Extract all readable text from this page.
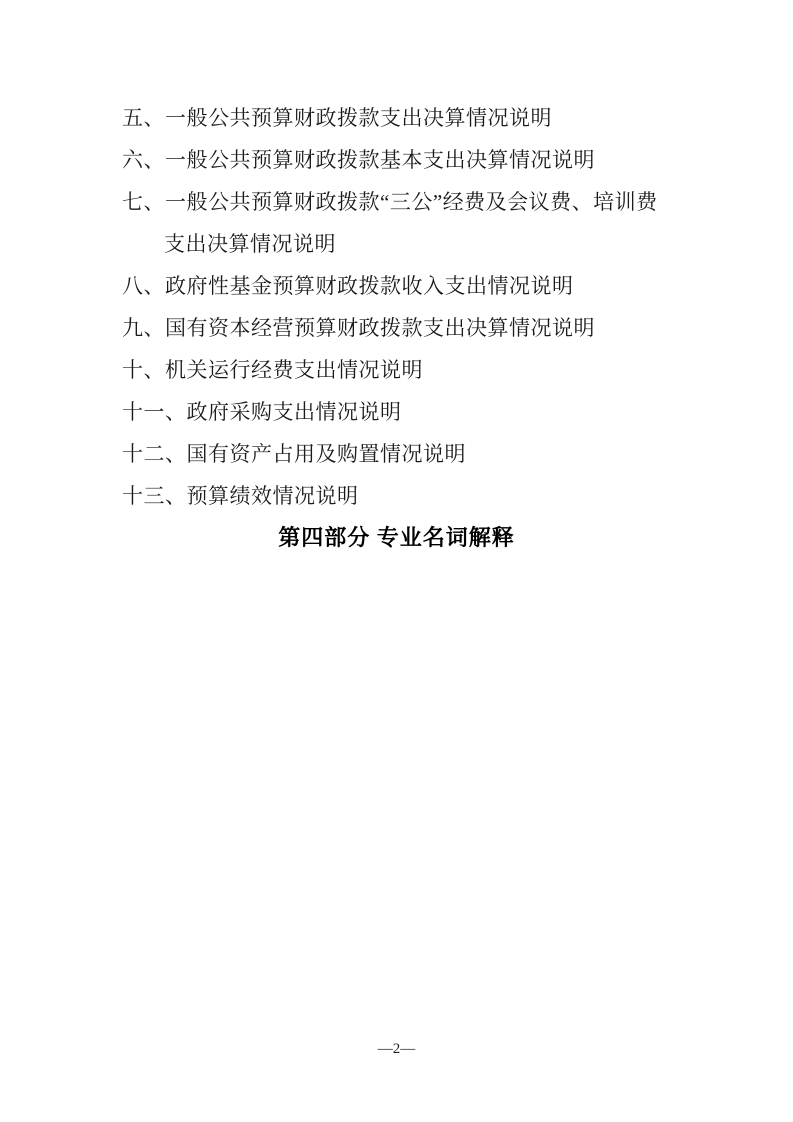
五、一般公共预算财政拨款支出决算情况说明
六、一般公共预算财政拨款基本支出决算情况说明
七、一般公共预算财政拨款“三公”经费及会议费、培训费
支出决算情况说明
八、政府性基金预算财政拨款收入支出情况说明
九、国有资本经营预算财政拨款支出决算情况说明
十、机关运行经费支出情况说明
十一、政府采购支出情况说明
十二、国有资产占用及购置情况说明
十三、预算绩效情况说明
第四部分 专业名词解释
—2—
